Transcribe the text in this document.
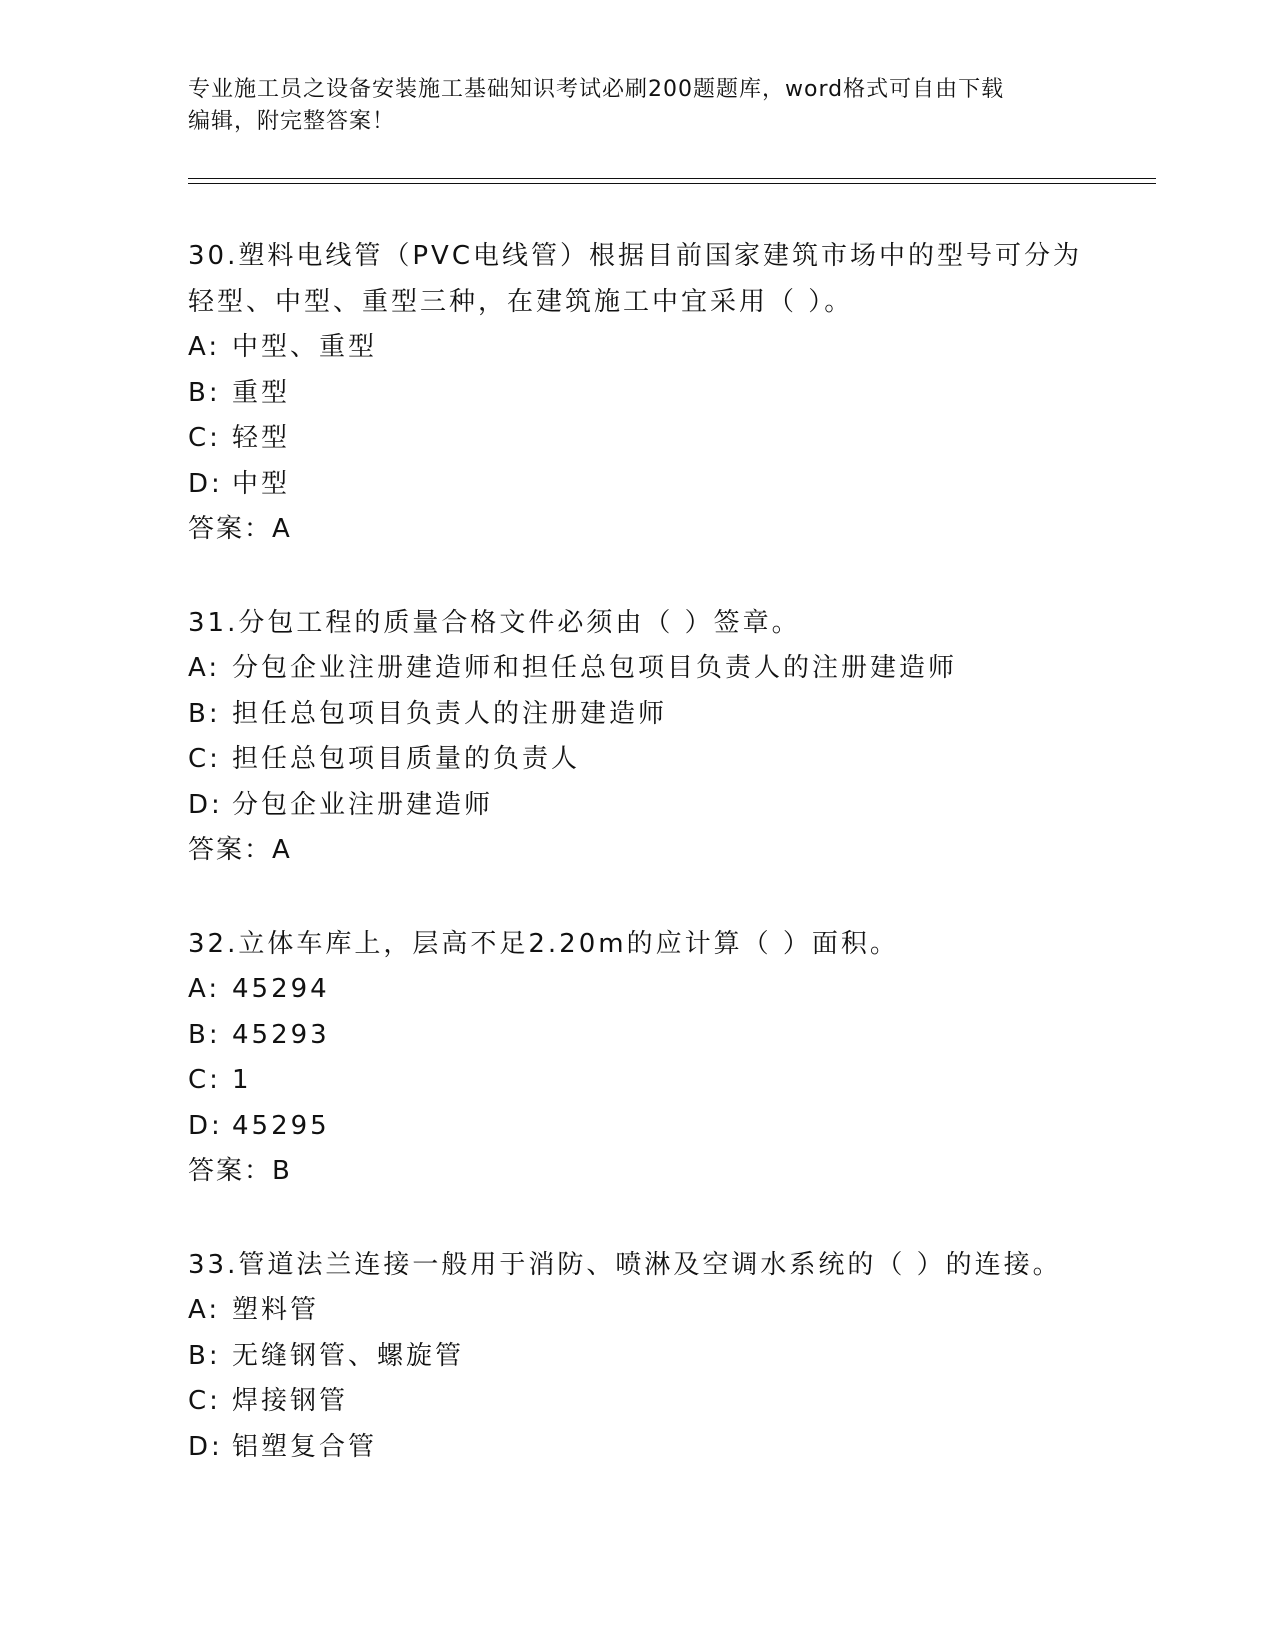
专业施工员之设备安装施工基础知识考试必刷200题题库，word格式可自由下载
编辑，附完整答案！
30.塑料电线管（PVC电线管）根据目前国家建筑市场中的型号可分为
轻型、中型、重型三种，在建筑施工中宜采用（ ）。
A: 中型、重型
B: 重型
C: 轻型
D: 中型
答案：A
31.分包工程的质量合格文件必须由（ ）签章。
A: 分包企业注册建造师和担任总包项目负责人的注册建造师
B: 担任总包项目负责人的注册建造师
C: 担任总包项目质量的负责人
D: 分包企业注册建造师
答案：A
32.立体车库上，层高不足2.20m的应计算（ ）面积。
A: 45294
B: 45293
C: 1
D: 45295
答案：B
33.管道法兰连接一般用于消防、喷淋及空调水系统的（ ）的连接。
A: 塑料管
B: 无缝钢管、螺旋管
C: 焊接钢管
D: 铝塑复合管
